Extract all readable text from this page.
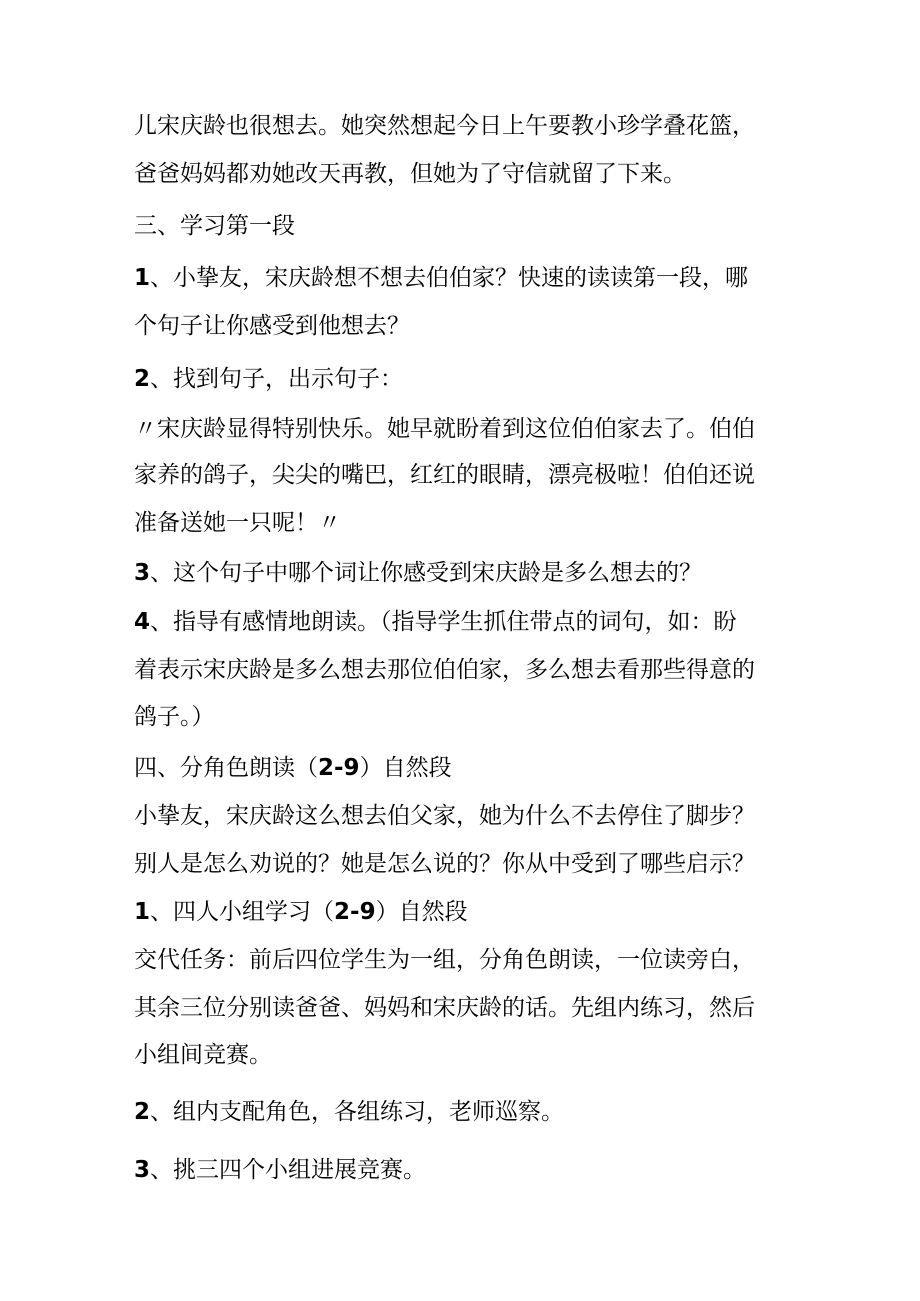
儿宋庆龄也很想去。她突然想起今日上午要教小珍学叠花篮，
爸爸妈妈都劝她改天再教，但她为了守信就留了下来。
三、学习第一段
1、小挚友，宋庆龄想不想去伯伯家？快速的读读第一段，哪
个句子让你感受到他想去？
2、找到句子，出示句子：
〃宋庆龄显得特别快乐。她早就盼着到这位伯伯家去了。伯伯
家养的鸽子，尖尖的嘴巴，红红的眼睛，漂亮极啦！伯伯还说
准备送她一只呢！〃
3、这个句子中哪个词让你感受到宋庆龄是多么想去的？
4、指导有感情地朗读。（指导学生抓住带点的词句，如：盼
着表示宋庆龄是多么想去那位伯伯家，多么想去看那些得意的
鸽子。）
四、分角色朗读（2-9）自然段
小挚友，宋庆龄这么想去伯父家，她为什么不去停住了脚步？
别人是怎么劝说的？她是怎么说的？你从中受到了哪些启示？
1、四人小组学习（2-9）自然段
交代任务：前后四位学生为一组，分角色朗读，一位读旁白，
其余三位分别读爸爸、妈妈和宋庆龄的话。先组内练习，然后
小组间竞赛。
2、组内支配角色，各组练习，老师巡察。
3、挑三四个小组进展竞赛。
